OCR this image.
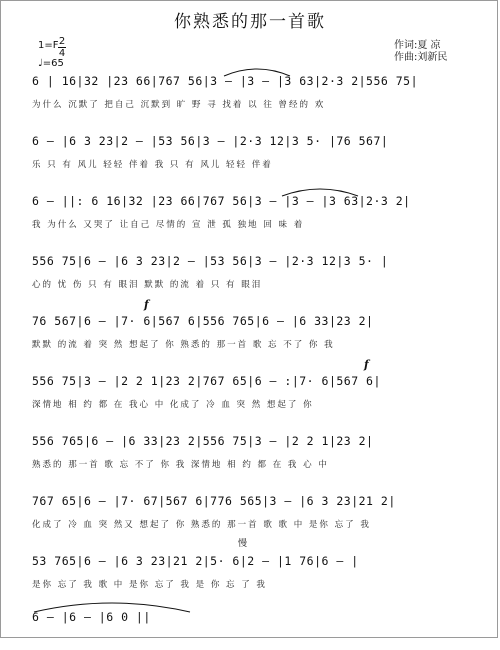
你熟悉的那一首歌
1=F 2
4
♩=65
作词:夏 凉
作曲:刘新民
6 | 16|32 |23 66|767 56|3 – |3 – |3 63|2·3 2|556 75|
为什么 沉默了 把自己 沉默到 旷 野 寻 找着 以 往 曾经的 欢
6 – |6 3 23|2 – |53 56|3 – |2·3 12|3 5· |76 567|
乐 只 有 风儿 轻轻 伴着 我 只 有 风儿 轻轻 伴着
6 – ||: 6 16|32 |23 66|767 56|3 – |3 – |3 63|2·3 2|
我 为什么 又哭了 让自己 尽情的 宣 泄 孤 独地 回 味 着
556 75|6 – |6 3 23|2 – |53 56|3 – |2·3 12|3 5· |
心的 忧 伤 只 有 眼泪 默默 的流 着 只 有 眼泪
f
76 567|6 – |7· 6|567 6|556 765|6 – |6 33|23 2|
默默 的流 着 突 然 想起了 你 熟悉的 那一首 歌 忘 不了 你 我
f
556 75|3 – |2 2 1|23 2|767 65|6 – :|7· 6|567 6|
深情地 相 约 都 在 我心 中 化成了 冷 血 突 然 想起了 你
556 765|6 – |6 33|23 2|556 75|3 – |2 2 1|23 2|
熟悉的 那一首 歌 忘 不了 你 我 深情地 相 约 都 在 我 心 中
767 65|6 – |7· 67|567 6|776 565|3 – |6 3 23|21 2|
化成了 冷 血 突 然又 想起了 你 熟悉的 那一首 歌 歌 中 是你 忘了 我
慢
53 765|6 – |6 3 23|21 2|5· 6|2 – |1 76|6 – |
是你 忘了 我 歌 中 是你 忘了 我 是 你 忘 了 我
6 – |6 – |6 0 ||
